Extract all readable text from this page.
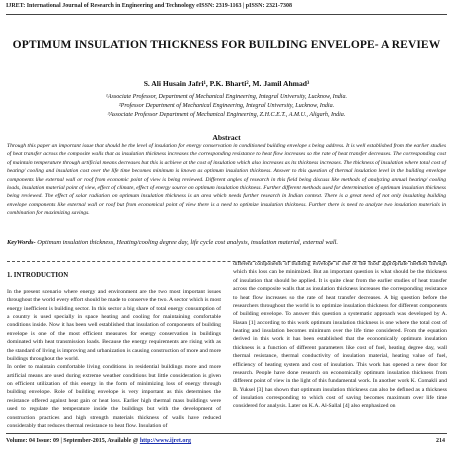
IJRET: International Journal of Research in Engineering and Technology eISSN: 2319-1163 | pISSN: 2321-7308
OPTIMUM INSULATION THICKNESS FOR BUILDING ENVELOPE- A REVIEW
S. Ali Husain Jafri¹, P.K. Bharti², M. Jamil Ahmad³
¹Associate Professor, Department of Mechanical Engineering, Integral University, Lucknow, India.
²Professor Department of Mechanical Engineering, Integral University, Lucknow, India.
³Associate Professor Department of Mechanical Engineering, Z.H.C.E.T., A.M.U., Aligarh, India.
Abstract
Through this paper an important issue that should be the level of insulation for energy conservation in conditioned building envelope s being address. It is well established from the earlier studies of heat transfer across the composite walls that as insulation thickness increases the corresponding resistance to heat flow increases so the rate of heat transfer decreases. The corresponding cost of maintain temperature through artificial means decreases but this is achieve at the cost of insulation which also increases as its thickness increases. The thickness of insulation where total cost of heating/ cooling and insulation cost over the life time becomes minimum is known as optimum insulation thickness. Answer to this question of thermal insulation level in the building envelope components like external wall or roof from economic point of view is being reviewed. Different angles of research in this field being discuss like methods of analyzing annual heating/ cooling loads, insulation material point of view, effect of climate, effect of energy source on optimum insulation thickness. Further different methods used for determination of optimum insulation thickness being reviewed. The effect of solar radiation on optimum insulation thickness is an area which needs further research in Indian context. There is a great need of not only insulating building envelope components like external wall or roof but from economical point of view there is a need to optimize insulation thickness. Further there is need to analyze two insulation materials in combination for maximizing savings.
KeyWords- Optimum insulation thickness, Heating/cooling degree day, life cycle cost analysis, insulation material, external wall.
1. INTRODUCTION
In the present scenario where energy and environment are the two most important issues throughout the world every effort should be made to conserve the two. A sector which is most energy inefficient is building sector. In this sector a big share of total energy consumption of a country is used specially in space heating and cooling for maintaining comfortable conditions inside. Now it has been well established that insulation of components of building envelope is one of the most efficient measures for energy conservation in buildings dominated with heat transmission loads. Because the energy requirements are rising with as the standard of living is improving and urbanization is causing construction of more and more buildings throughout the world.
In order to maintain comfortable living conditions in residential buildings more and more artificial means are used during extreme weather conditions but little consideration is given on efficient utilization of this energy in the form of minimizing loss of energy through building envelope. Role of building envelope is very important as this determines the resistance offered against heat gain or heat loss. Earlier high thermal mass buildings were used to regulate the temperature inside the buildings but with the development of construction practices and high strength materials thickness of walls have reduced considerably that reduces thermal resistance to heat flow. Insulation of
different components of building envelope is one of the most appropriate method through which this loss can be minimized. But an important question is what should be the thickness of insulation that should be applied. It is quite clear from the earlier studies of heat transfer across the composite walls that as insulation thickness increases the corresponding resistance to heat flow increases so the rate of heat transfer decreases. A big question before the researchers throughout the world is to optimize insulation thickness for different components of building envelope. To answer this question a systematic approach was developed by A. Hasan [1] according to this work optimum insulation thickness is one where the total cost of heating and insulation becomes minimum over the life time considered. From the equation derived in this work it has been established that the economically optimum insulation thickness is a function of different parameters like cost of fuel, heating degree day, wall thermal resistance, thermal conductivity of insulation material, heating value of fuel, efficiency of heating system and cost of insulation. This work has opened a new door for research. People have done research on economically optimum insulation thickness from different point of view in the light of this fundamental work. In another work K. Comakli and B. Yuksel [3] has shown that optimum insulation thickness can also be defined as a thickness of insulation corresponding to which cost of saving becomes maximum over life time considered for analysis. Later on K.A. Al-Sallal [4] also emphasized on
Volume: 04 Issue: 09 | September-2015, Available @ http://www.ijret.org	214
